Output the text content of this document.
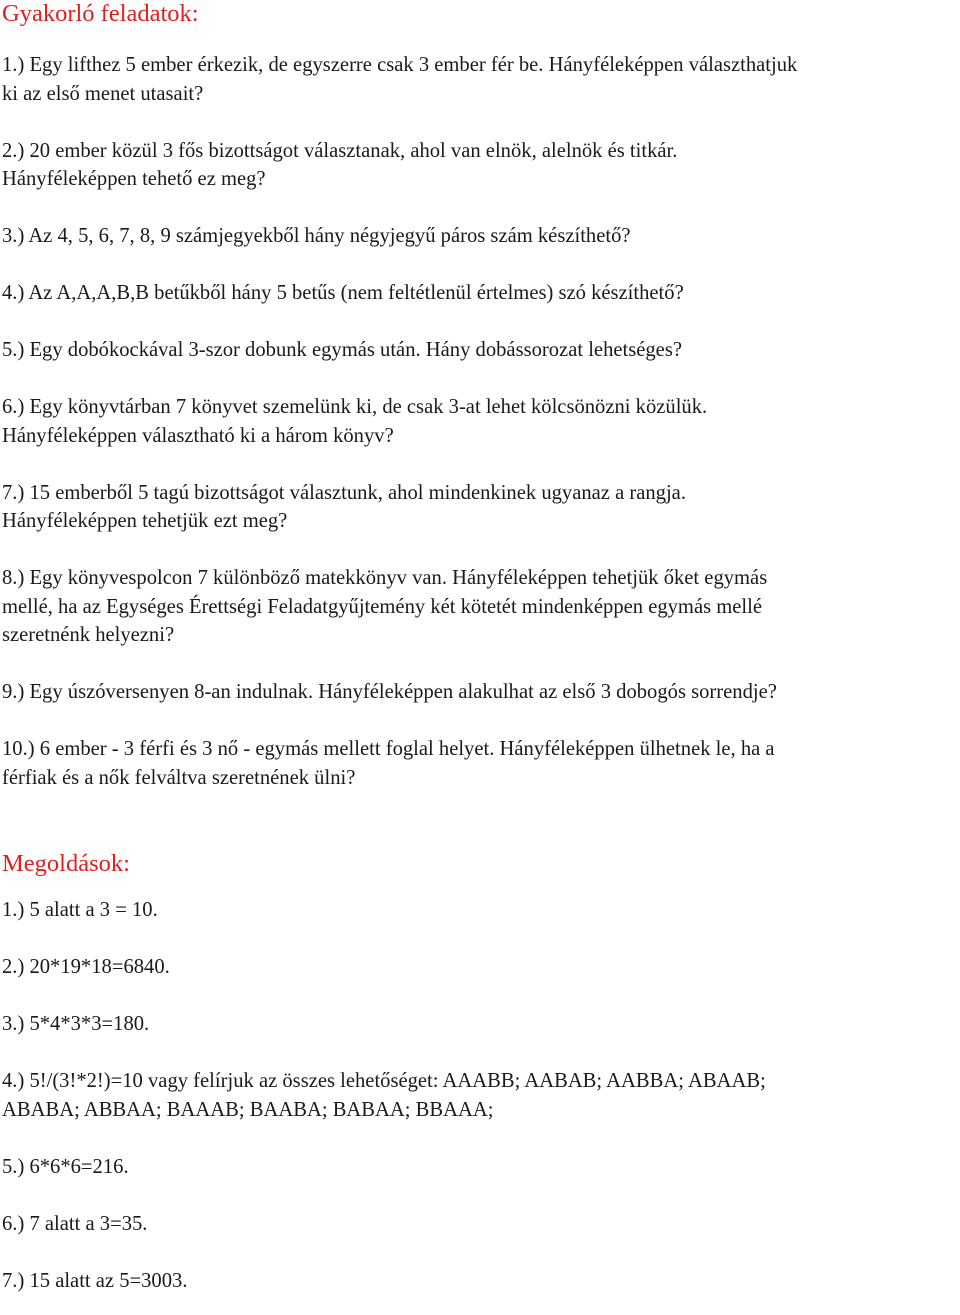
Gyakorló feladatok:

1.) Egy lifthez 5 ember érkezik, de egyszerre csak 3 ember fér be. Hányféleképpen választhatjuk
ki az első menet utasait?

2.) 20 ember közül 3 fős bizottságot választanak, ahol van elnök, alelnök és titkár.
Hányféleképpen tehető ez meg?

3.) Az 4, 5, 6, 7, 8, 9 számjegyekből hány négyjegyű páros szám készíthető?

4.) Az A,A,A,B,B betűkből hány 5 betűs (nem feltétlenül értelmes) szó készíthető?

5.) Egy dobókockával 3-szor dobunk egymás után. Hány dobássorozat lehetséges?

6.) Egy könyvtárban 7 könyvet szemelünk ki, de csak 3-at lehet kölcsönözni közülük.
Hányféleképpen választható ki a három könyv?

7.) 15 emberből 5 tagú bizottságot választunk, ahol mindenkinek ugyanaz a rangja.
Hányféleképpen tehetjük ezt meg?

8.) Egy könyvespolcon 7 különböző matekkönyv van. Hányféleképpen tehetjük őket egymás
mellé, ha az Egységes Érettségi Feladatgyűjtemény két kötetét mindenképpen egymás mellé
szeretnénk helyezni?

9.) Egy úszóversenyen 8-an indulnak. Hányféleképpen alakulhat az első 3 dobogós sorrendje?

10.) 6 ember - 3 férfi és 3 nő - egymás mellett foglal helyet. Hányféleképpen ülhetnek le, ha a
férfiak és a nők felváltva szeretnének ülni?

Megoldások:

1.) 5 alatt a 3 = 10.

2.) 20*19*18=6840.

3.) 5*4*3*3=180.

4.) 5!/(3!*2!)=10 vagy felírjuk az összes lehetőséget: AAABB; AABAB; AABBA; ABAAB;
ABABA; ABBAA; BAAAB; BAABA; BABAA; BBAAA;

5.) 6*6*6=216.

6.) 7 alatt a 3=35.

7.) 15 alatt az 5=3003.
